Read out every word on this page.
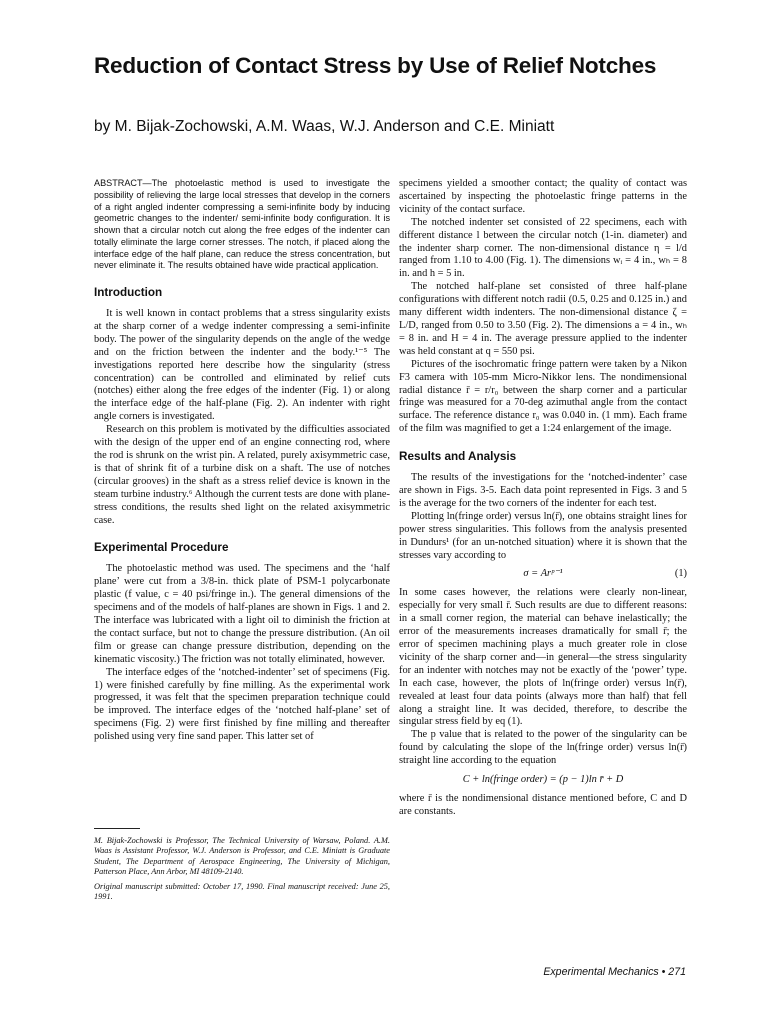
Reduction of Contact Stress by Use of Relief Notches
by M. Bijak-Zochowski, A.M. Waas, W.J. Anderson and C.E. Miniatt
ABSTRACT—The photoelastic method is used to investigate the possibility of relieving the large local stresses that develop in the corners of a right angled indenter compressing a semi-infinite body by inducing geometric changes to the indenter/ semi-infinite body configuration. It is shown that a circular notch cut along the free edges of the indenter can totally eliminate the large corner stresses. The notch, if placed along the interface edge of the half plane, can reduce the stress concentration, but never eliminate it. The results obtained have wide practical application.
Introduction

It is well known in contact problems that a stress singularity exists at the sharp corner of a wedge indenter compressing a semi-infinite body. The power of the singularity depends on the angle of the wedge and on the friction between the indenter and the body.¹⁻⁵ The investigations reported here describe how the singularity (stress concentration) can be controlled and eliminated by relief cuts (notches) either along the free edges of the indenter (Fig. 1) or along the interface edge of the half-plane (Fig. 2). An indenter with right angle corners is investigated.

Research on this problem is motivated by the difficulties associated with the design of the upper end of an engine connecting rod, where the rod is shrunk on the wrist pin. A related, purely axisymmetric case, is that of shrink fit of a turbine disk on a shaft. The use of notches (circular grooves) in the shaft as a stress relief device is known in the steam turbine industry.⁶ Although the current tests are done with plane-stress conditions, the results shed light on the related axisymmetric case.

Experimental Procedure

The photoelastic method was used. The specimens and the ‘half plane’ were cut from a 3/8-in. thick plate of PSM-1 polycarbonate plastic (f value, c = 40 psi/fringe in.). The general dimensions of the specimens and of the models of half-planes are shown in Figs. 1 and 2. The interface was lubricated with a light oil to diminish the friction at the contact surface, but not to change the pressure distribution. (An oil film or grease can change pressure distribution, depending on the kinematic viscosity.) The friction was not totally eliminated, however.

The interface edges of the ‘notched-indenter’ set of specimens (Fig. 1) were finished carefully by fine milling. As the experimental work progressed, it was felt that the specimen preparation technique could be improved. The interface edges of the ‘notched half-plane’ set of specimens (Fig. 2) were first finished by fine milling and thereafter polished using very fine sand paper. This latter set of

M. Bijak-Zochowski is Professor, The Technical University of Warsaw, Poland. A.M. Waas is Assistant Professor, W.J. Anderson is Professor, and C.E. Miniatt is Graduate Student, The Department of Aerospace Engineering, The University of Michigan, Patterson Place, Ann Arbor, MI 48109-2140.

Original manuscript submitted: October 17, 1990. Final manuscript received: June 25, 1991.

specimens yielded a smoother contact; the quality of contact was ascertained by inspecting the photoelastic fringe patterns in the vicinity of the contact surface.

The notched indenter set consisted of 22 specimens, each with different distance l between the circular notch (1-in. diameter) and the indenter sharp corner. The non-dimensional distance η = l/d ranged from 1.10 to 4.00 (Fig. 1). The dimensions wᵢ = 4 in., wₕ = 8 in. and h = 5 in.

The notched half-plane set consisted of three half-plane configurations with different notch radii (0.5, 0.25 and 0.125 in.) and many different width indenters. The non-dimensional distance ζ = L/D, ranged from 0.50 to 3.50 (Fig. 2). The dimensions a = 4 in., wₕ = 8 in. and H = 4 in. The average pressure applied to the indenter was held constant at q = 550 psi.

Pictures of the isochromatic fringe pattern were taken by a Nikon F3 camera with 105-mm Micro-Nikkor lens. The nondimensional radial distance r̄ = r/r₀ between the sharp corner and a particular fringe was measured for a 70-deg azimuthal angle from the contact surface. The reference distance r₀ was 0.040 in. (1 mm). Each frame of the film was magnified to get a 1:24 enlargement of the image.

Results and Analysis

The results of the investigations for the ‘notched-indenter’ case are shown in Figs. 3-5. Each data point represented in Figs. 3 and 5 is the average for the two corners of the indenter for each test.

Plotting ln(fringe order) versus ln(r̄), one obtains straight lines for power stress singularities. This follows from the analysis presented in Dundurs¹ (for an un-notched situation) where it is shown that the stresses vary according to

σ = Arᵖ⁻¹	(1)

In some cases however, the relations were clearly non-linear, especially for very small r̄. Such results are due to different reasons: in a small corner region, the material can behave inelastically; the error of the measurements increases dramatically for small r̄; the error of specimen machining plays a much greater role in close vicinity of the sharp corner and—in general—the stress singularity for an indenter with notches may not be exactly of the ‘power’ type. In each case, however, the plots of ln(fringe order) versus ln(r̄), revealed at least four data points (always more than half) that fell along a straight line. It was decided, therefore, to describe the singular stress field by eq (1).

The p value that is related to the power of the singularity can be found by calculating the slope of the ln(fringe order) versus ln(r̄) straight line according to the equation

C + ln(fringe order) = (p − 1)ln r̄ + D

where r̄ is the nondimensional distance mentioned before, C and D are constants.

Experimental Mechanics • 271
